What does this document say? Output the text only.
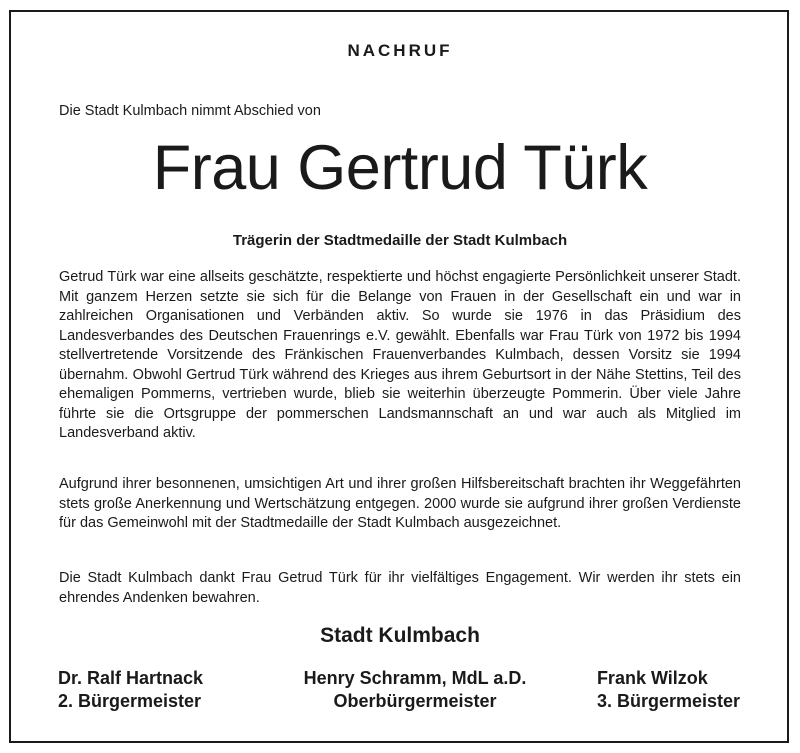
NACHRUF
Die Stadt Kulmbach nimmt Abschied von
Frau Gertrud Türk
Trägerin der Stadtmedaille der Stadt Kulmbach

Getrud Türk war eine allseits geschätzte, respektierte und höchst engagierte Persönlichkeit unserer Stadt. Mit ganzem Herzen setzte sie sich für die Belange von Frauen in der Gesellschaft ein und war in zahlreichen Organisationen und Verbänden aktiv. So wurde sie 1976 in das Präsidium des Landesverbandes des Deutschen Frauenrings e.V. gewählt. Ebenfalls war Frau Türk von 1972 bis 1994 stellvertretende Vorsitzende des Fränkischen Frauenverbandes Kulmbach, dessen Vorsitz sie 1994 übernahm. Obwohl Gertrud Türk während des Krieges aus ihrem Geburtsort in der Nähe Stettins, Teil des ehemaligen Pommerns, vertrieben wurde, blieb sie weiterhin überzeugte Pommerin. Über viele Jahre führte sie die Ortsgruppe der pommerschen Landsmannschaft an und war auch als Mitglied im Landesverband aktiv.

Aufgrund ihrer besonnenen, umsichtigen Art und ihrer großen Hilfsbereitschaft brachten ihr Weggefährten stets große Anerkennung und Wertschätzung entgegen. 2000 wurde sie aufgrund ihrer großen Verdienste für das Gemeinwohl mit der Stadtmedaille der Stadt Kulmbach ausgezeichnet.

Die Stadt Kulmbach dankt Frau Getrud Türk für ihr vielfältiges Engagement. Wir werden ihr stets ein ehrendes Andenken bewahren.

Stadt Kulmbach
Dr. Ralf Hartnack
2. Bürgermeister
Henry Schramm, MdL a.D.
Oberbürgermeister
Frank Wilzok
3. Bürgermeister
